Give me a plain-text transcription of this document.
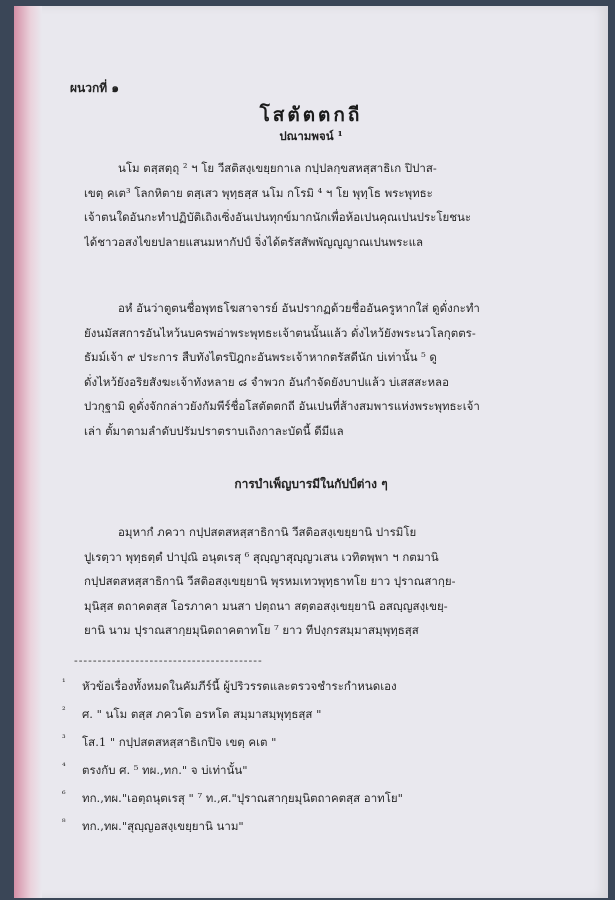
ผนวกที่ ๑
โสตัตตกถี
ปณามพจน์ ¹
นโม ตสฺสตฺถุ ² ฯ โย วีสติสงฺเขยฺยกาเล กปฺปลกฺขสหสฺสาธิเก ปิปาส-
เขตฺ คเต³ โลกหิตาย ตสฺเสว พุทฺธสฺส นโม กโรมิ ⁴ ฯ โย พุทฺโธ พระพุทธะ
เจ้าตนใดอันกะทำปฏิบัติเถิงเซิ่งอันเปนทุกข์มากนักเพื่อห้อเปนคุณเปนประโยชนะ
ได้ชาวอสงไขยปลายแสนมหากัปป์ จิ่งได้ตรัสสัพพัญญูญาณเปนพระแล
อหํ อันว่าตูตนชื่อพุทธโฆสาจารย์ อันปรากฏด้วยชื่ออันครูหากใส่ ดูดั่งกะทำ
ยังนมัสสการอันไหว้นบครพอ่าพระพุทธะเจ้าตนนั้นแล้ว ดั่งไหว้ยังพระนวโลกุตตร-
ธัมม์เจ้า ๙ ประการ สืบทังไตรปิฎกะอันพระเจ้าหากตรัสดีนัก บ่เท่านั้น ⁵ ดู
ดั่งไหว้ยังอริยสังฆะเจ้าทังหลาย ๘ จำพวก อันกำจัดยังบาปแล้ว บ่เสสสะหลอ
ปวกุฐามิ ดูดั่งจักกล่าวยังกัมพีร์ชื่อโสตัตตกถี อันเปนที่ส้างสมพารแห่งพระพุทธะเจ้า
เล่า ตั้มาตามลำดับปรัมปราตราบเถิงกาละบัดนี้ ดีมีแล
การบำเพ็ญบารมีในกัปป์ต่าง ๆ
อมุหากํ ภควา กปฺปสตสหสฺสาธิกานิ วีสติอสงฺเขยฺยานิ ปารมิโย
ปูเรตฺวา พุทฺธตฺตํ ปาปุณิ อนุตเรสุ ⁶ สุญฺญาสุญฺญวเสน เวทิตพฺพา ฯ กตมานิ
กปฺปสตสหสฺสาธิกานิ วีสติอสงฺเขยฺยานิ พุรหมเทวพุทฺธาทโย ยาว ปุราณสากฺย-
มุนิสฺส ตถาคตสฺส โอรภาคา มนสา ปตฺถนา สตฺตอสงฺเขยฺยานิ อสญฺญสงฺเขยฺ-
ยานิ นาม ปุราณสากฺยมุนิตถาคตาทโย ⁷ ยาว ทีปงฺกรสมฺมาสมฺพุทฺธสฺส
----------------------------------------
¹ หัวข้อเรื่องทั้งหมดในคัมภีร์นี้ ผู้ปริวรรตและตรวจชำระกำหนดเอง
² ศ. " นโม ตสฺส ภควโต อรหโต สมฺมาสมฺพุทฺธสฺส "
³ โส.1 " กปฺปสตสหสฺสาธิเกปิจ เขตฺ คเต "
⁴ ตรงกับ ศ. ⁵ ทผ.,ทก." จ บ่เท่านั้น"
⁶ ทก.,ทผ."เอตฺถนุตเรสุ " ⁷ ท.,ศ."ปุราณสากฺยมุนิตถาคตสฺส อาทโย"
⁸ ทก.,ทผ."สุญฺญอสงฺเขยฺยานิ นาม"
